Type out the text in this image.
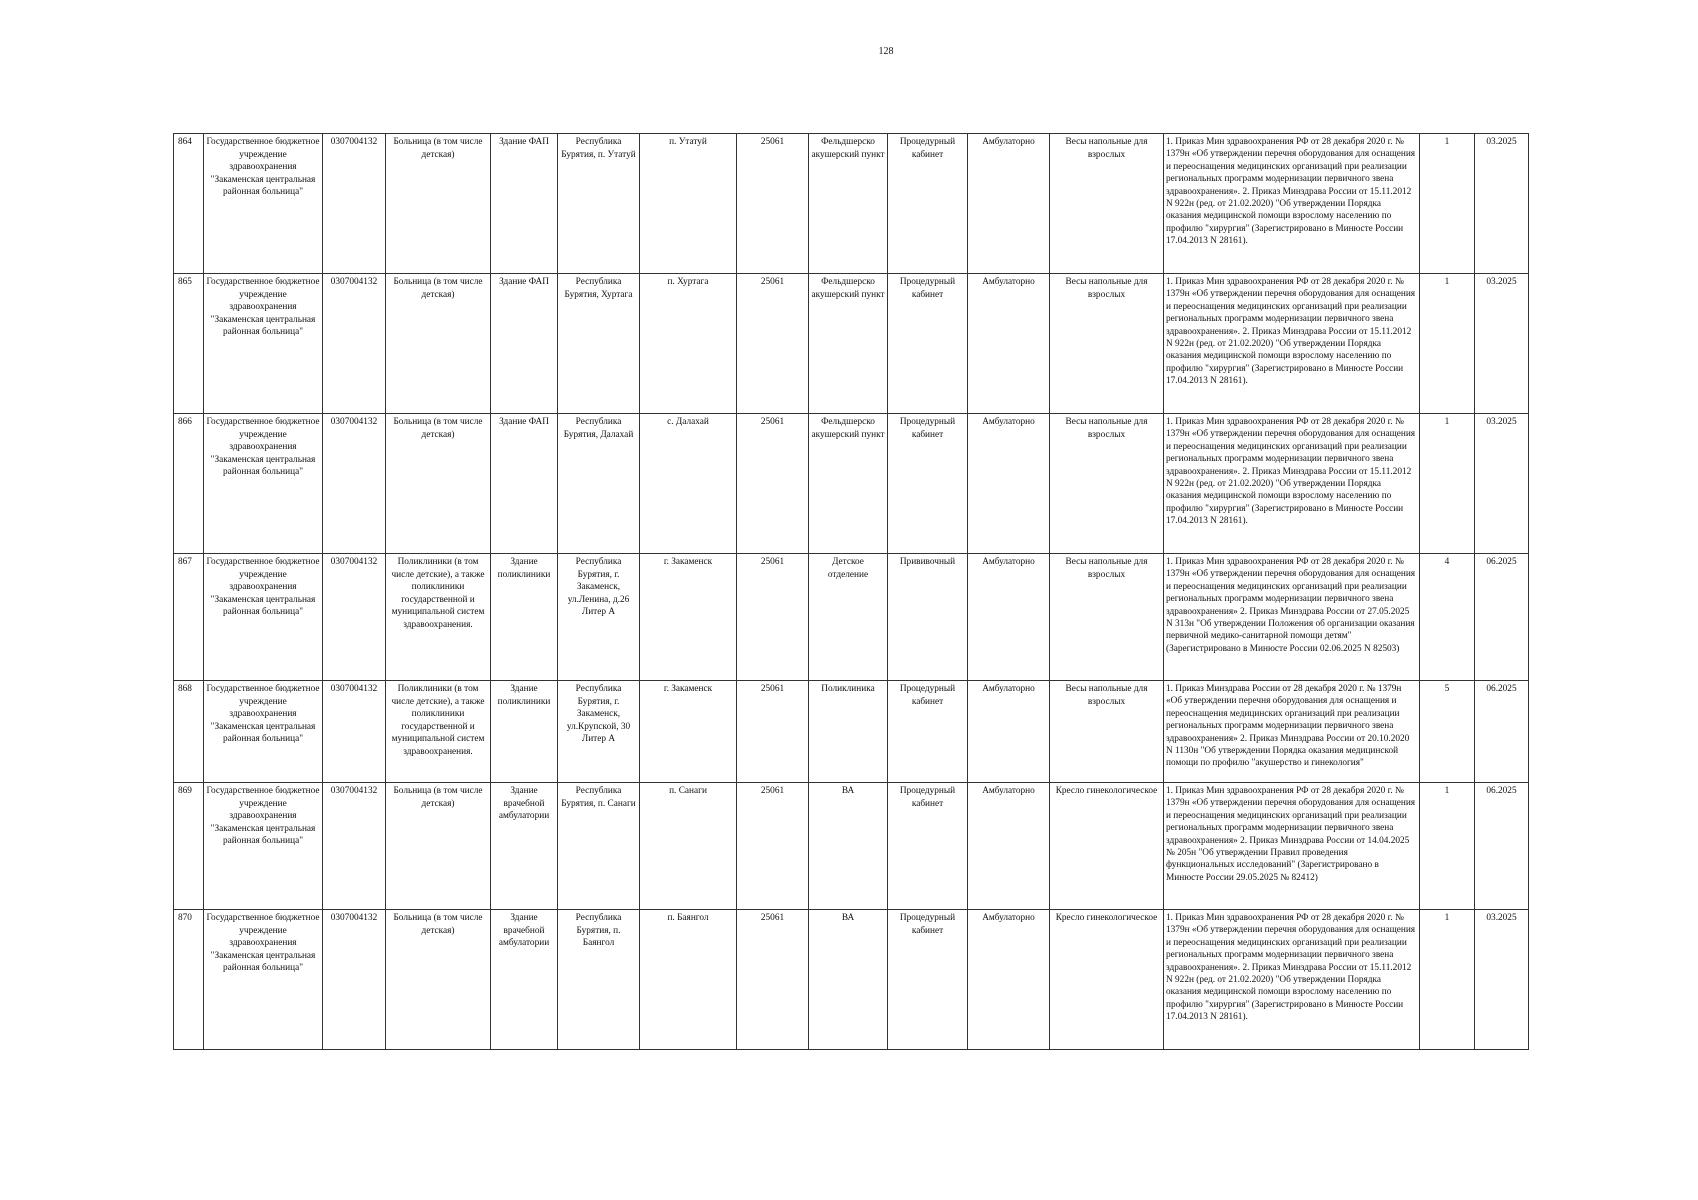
128
864	Государственное бюджетное учреждение здравоохранения "Закаменская центральная районная больница"	0307004132	Больница (в том числе детская)	Здание ФАП	Республика Бурятия, п. Утатуй	п. Утатуй	25061	Фельдшерско акушерский пункт	Процедурный кабинет	Амбулаторно	Весы напольные для взрослых	1. Приказ Мин здравоохранения РФ от 28 декабря 2020 г. № 1379н «Об утверждении перечня оборудования для оснащения и переоснащения медицинских организаций при реализации региональных программ модернизации первичного звена здравоохранения». 2. Приказ Минздрава России от 15.11.2012 N 922н (ред. от 21.02.2020) "Об утверждении Порядка оказания медицинской помощи взрослому населению по профилю "хирургия" (Зарегистрировано в Минюсте России 17.04.2013 N 28161).	1	03.2025
865	Государственное бюджетное учреждение здравоохранения "Закаменская центральная районная больница"	0307004132	Больница (в том числе детская)	Здание ФАП	Республика Бурятия, Хуртага	п. Хуртага	25061	Фельдшерско акушерский пункт	Процедурный кабинет	Амбулаторно	Весы напольные для взрослых	1. Приказ Мин здравоохранения РФ от 28 декабря 2020 г. № 1379н «Об утверждении перечня оборудования для оснащения и переоснащения медицинских организаций при реализации региональных программ модернизации первичного звена здравоохранения». 2. Приказ Минздрава России от 15.11.2012 N 922н (ред. от 21.02.2020) "Об утверждении Порядка оказания медицинской помощи взрослому населению по профилю "хирургия" (Зарегистрировано в Минюсте России 17.04.2013 N 28161).	1	03.2025
866	Государственное бюджетное учреждение здравоохранения "Закаменская центральная районная больница"	0307004132	Больница (в том числе детская)	Здание ФАП	Республика Бурятия, Далахай	с. Далахай	25061	Фельдшерско акушерский пункт	Процедурный кабинет	Амбулаторно	Весы напольные для взрослых	1. Приказ Мин здравоохранения РФ от 28 декабря 2020 г. № 1379н «Об утверждении перечня оборудования для оснащения и переоснащения медицинских организаций при реализации региональных программ модернизации первичного звена здравоохранения». 2. Приказ Минздрава России от 15.11.2012 N 922н (ред. от 21.02.2020) "Об утверждении Порядка оказания медицинской помощи взрослому населению по профилю "хирургия" (Зарегистрировано в Минюсте России 17.04.2013 N 28161).	1	03.2025
867	Государственное бюджетное учреждение здравоохранения "Закаменская центральная районная больница"	0307004132	Поликлиники (в том числе детские), а также поликлиники государственной и муниципальной систем здравоохранения.	Здание поликлиники	Республика Бурятия, г. Закаменск, ул.Ленина, д.26 Литер А	г. Закаменск	25061	Детское отделение	Прививочный	Амбулаторно	Весы напольные для взрослых	1. Приказ Мин здравоохранения РФ от 28 декабря 2020 г. № 1379н «Об утверждении перечня оборудования для оснащения и переоснащения медицинских организаций при реализации региональных программ модернизации первичного звена здравоохранения» 2. Приказ Минздрава России от 27.05.2025 N 313н "Об утверждении Положения об организации оказания первичной медико-санитарной помощи детям" (Зарегистрировано в Минюсте России 02.06.2025 N 82503)	4	06.2025
868	Государственное бюджетное учреждение здравоохранения "Закаменская центральная районная больница"	0307004132	Поликлиники (в том числе детские), а также поликлиники государственной и муниципальной систем здравоохранения.	Здание поликлиники	Республика Бурятия, г. Закаменск, ул.Крупской, 30 Литер А	г. Закаменск	25061	Поликлиника	Процедурный кабинет	Амбулаторно	Весы напольные для взрослых	1. Приказ Минздрава России от 28 декабря 2020 г. № 1379н «Об утверждении перечня оборудования для оснащения и переоснащения медицинских организаций при реализации региональных программ модернизации первичного звена здравоохранения» 2. Приказ Минздрава России от 20.10.2020 N 1130н "Об утверждении Порядка оказания медицинской помощи по профилю "акушерство и гинекология"	5	06.2025
869	Государственное бюджетное учреждение здравоохранения "Закаменская центральная районная больница"	0307004132	Больница (в том числе детская)	Здание врачебной амбулатории	Республика Бурятия, п. Санаги	п. Санаги	25061	ВА	Процедурный кабинет	Амбулаторно	Кресло гинекологическое	1. Приказ Мин здравоохранения РФ от 28 декабря 2020 г. № 1379н «Об утверждении перечня оборудования для оснащения и переоснащения медицинских организаций при реализации региональных программ модернизации первичного звена здравоохранения» 2. Приказ Минздрава России от 14.04.2025 № 205н "Об утверждении Правил проведения функциональных исследований" (Зарегистрировано в Минюсте России 29.05.2025 № 82412)	1	06.2025
870	Государственное бюджетное учреждение здравоохранения "Закаменская центральная районная больница"	0307004132	Больница (в том числе детская)	Здание врачебной амбулатории	Республика Бурятия, п. Баянгол	п. Баянгол	25061	ВА	Процедурный кабинет	Амбулаторно	Кресло гинекологическое	1. Приказ Мин здравоохранения РФ от 28 декабря 2020 г. № 1379н «Об утверждении перечня оборудования для оснащения и переоснащения медицинских организаций при реализации региональных программ модернизации первичного звена здравоохранения». 2. Приказ Минздрава России от 15.11.2012 N 922н (ред. от 21.02.2020) "Об утверждении Порядка оказания медицинской помощи взрослому населению по профилю "хирургия" (Зарегистрировано в Минюсте России 17.04.2013 N 28161).	1	03.2025
